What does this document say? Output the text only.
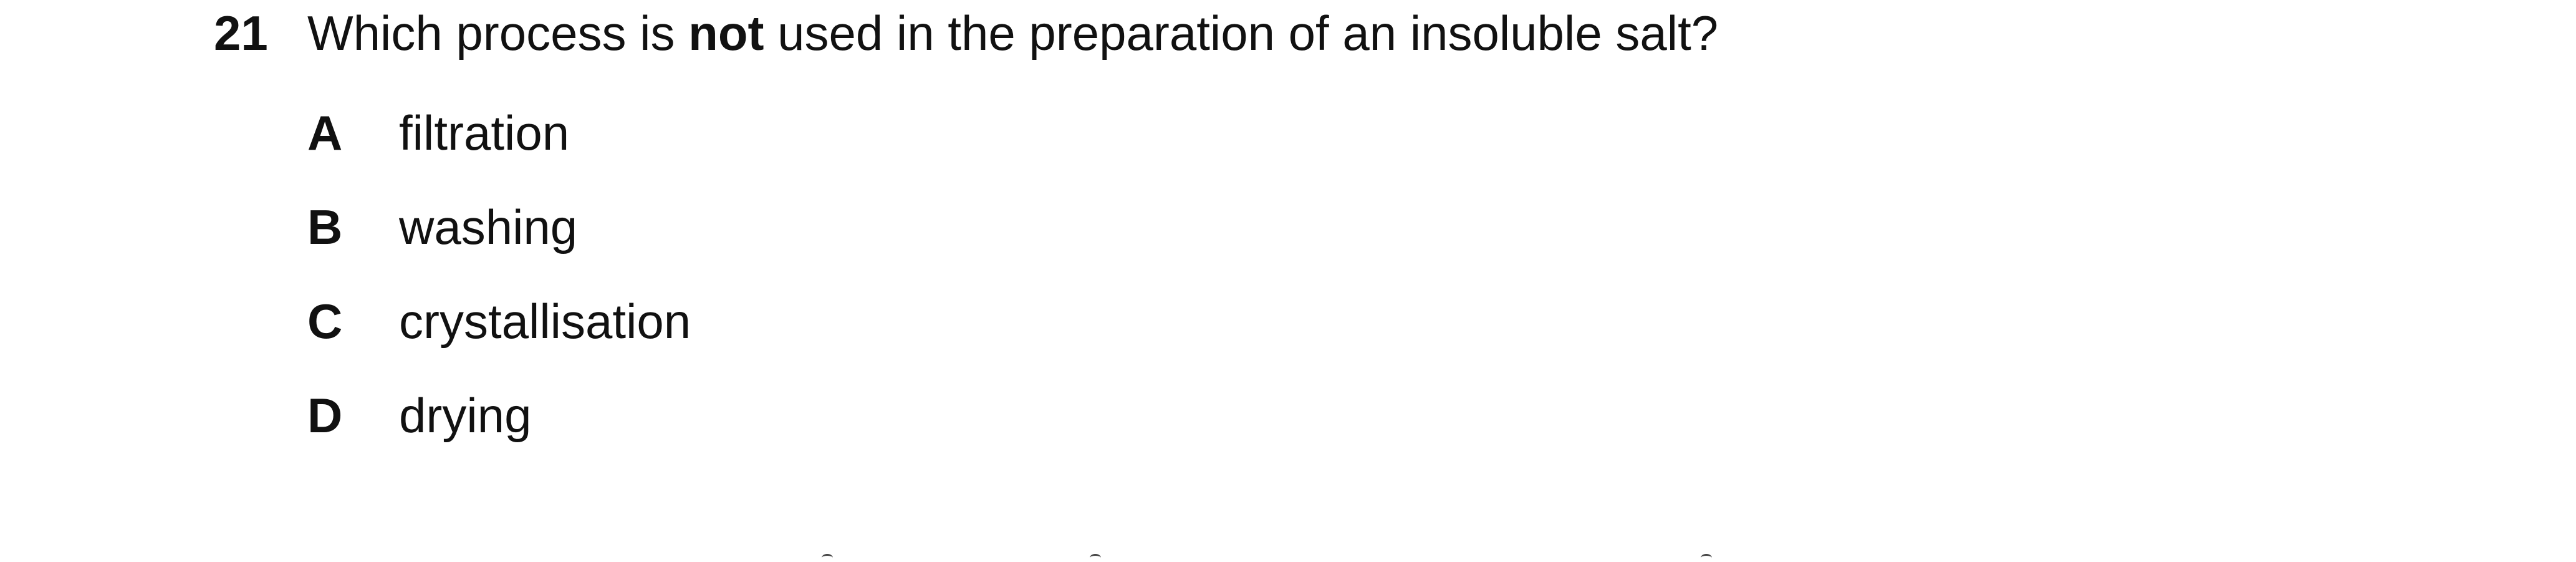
21 Which process is not used in the preparation of an insoluble salt?
A	filtration
B	washing
C	crystallisation
D	drying
